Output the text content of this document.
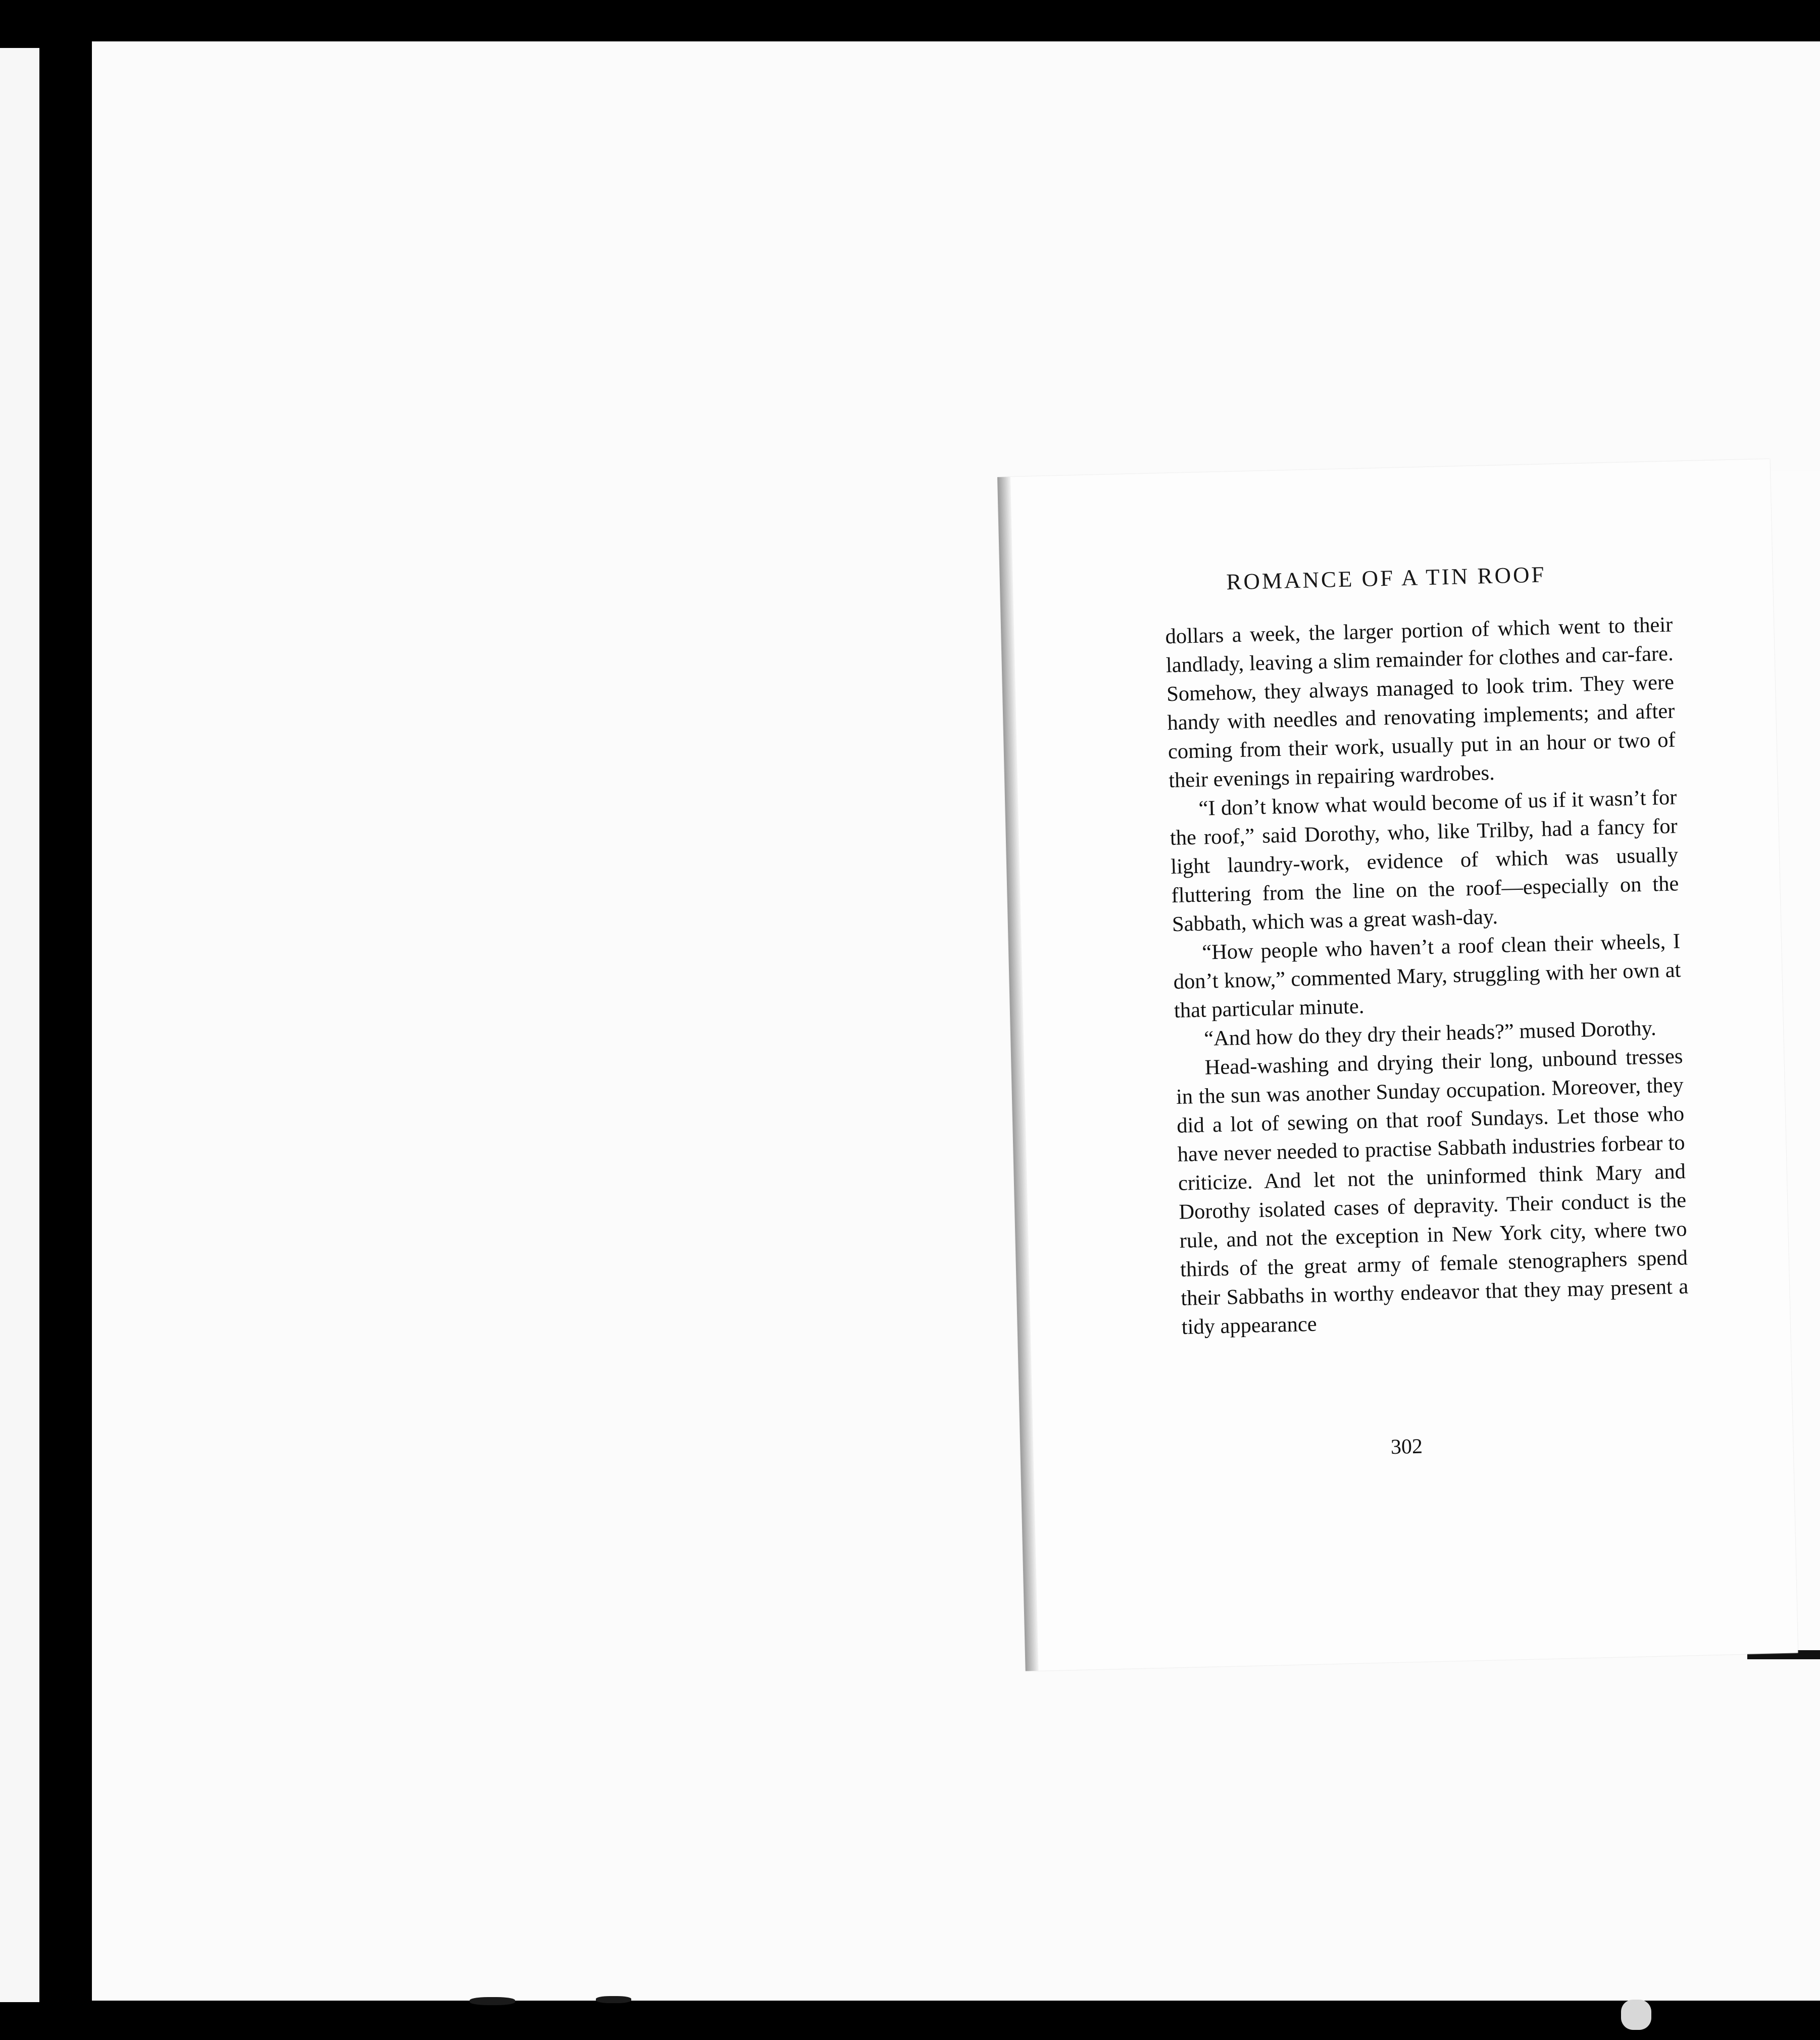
ROMANCE OF A TIN ROOF

dollars a week, the larger portion of which went to their landlady, leaving a slim remainder for clothes and car-fare. Somehow, they always managed to look trim. They were handy with needles and renovating implements; and after coming from their work, usually put in an hour or two of their evenings in repairing wardrobes.

“I don’t know what would become of us if it wasn’t for the roof,” said Dorothy, who, like Trilby, had a fancy for light laundry-work, evidence of which was usually fluttering from the line on the roof—especially on the Sabbath, which was a great wash-day.

“How people who haven’t a roof clean their wheels, I don’t know,” commented Mary, struggling with her own at that particular minute.

“And how do they dry their heads?” mused Dorothy.

Head-washing and drying their long, unbound tresses in the sun was another Sunday occupation. Moreover, they did a lot of sewing on that roof Sundays. Let those who have never needed to practise Sabbath industries forbear to criticize. And let not the uninformed think Mary and Dorothy isolated cases of depravity. Their conduct is the rule, and not the exception in New York city, where two thirds of the great army of female stenographers spend their Sabbaths in worthy endeavor that they may present a tidy appearance

302
